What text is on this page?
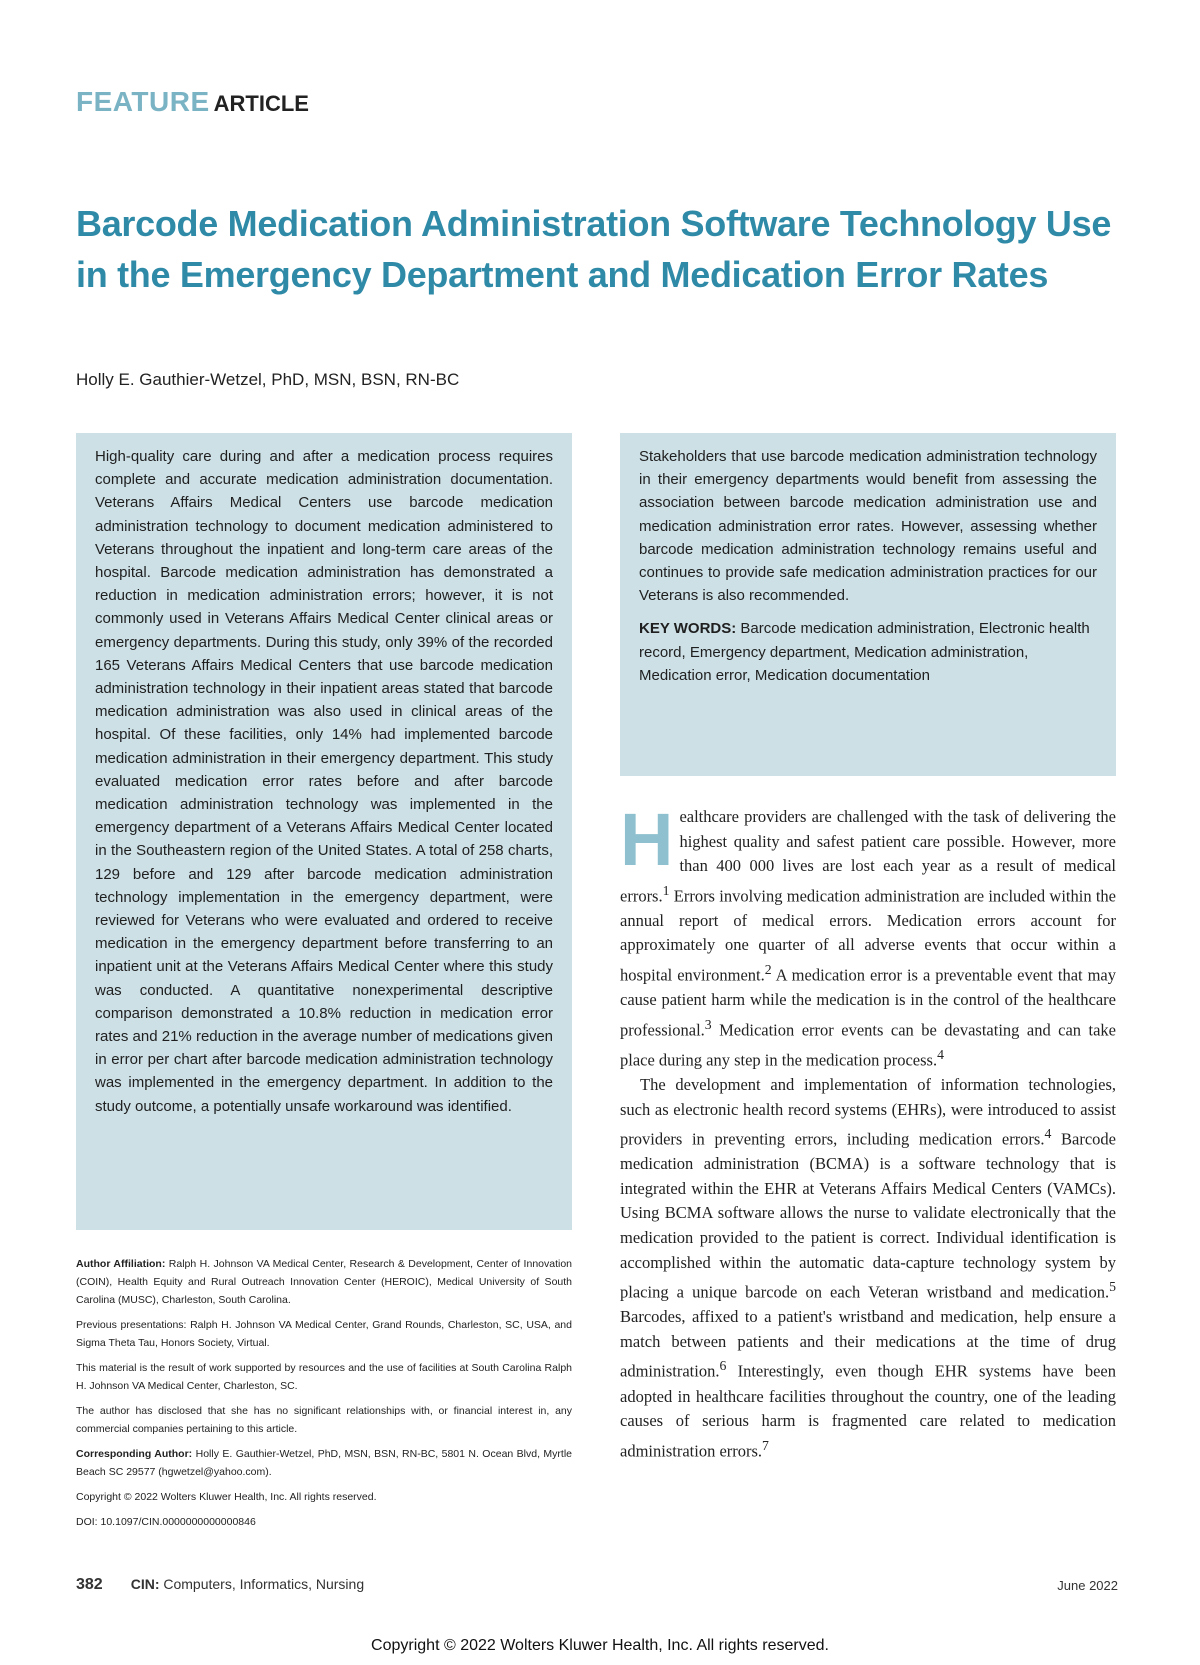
FEATURE ARTICLE
Barcode Medication Administration Software Technology Use in the Emergency Department and Medication Error Rates
Holly E. Gauthier-Wetzel, PhD, MSN, BSN, RN-BC
High-quality care during and after a medication process requires complete and accurate medication administration documentation. Veterans Affairs Medical Centers use barcode medication administration technology to document medication administered to Veterans throughout the inpatient and long-term care areas of the hospital. Barcode medication administration has demonstrated a reduction in medication administration errors; however, it is not commonly used in Veterans Affairs Medical Center clinical areas or emergency departments. During this study, only 39% of the recorded 165 Veterans Affairs Medical Centers that use barcode medication administration technology in their inpatient areas stated that barcode medication administration was also used in clinical areas of the hospital. Of these facilities, only 14% had implemented barcode medication administration in their emergency department. This study evaluated medication error rates before and after barcode medication administration technology was implemented in the emergency department of a Veterans Affairs Medical Center located in the Southeastern region of the United States. A total of 258 charts, 129 before and 129 after barcode medication administration technology implementation in the emergency department, were reviewed for Veterans who were evaluated and ordered to receive medication in the emergency department before transferring to an inpatient unit at the Veterans Affairs Medical Center where this study was conducted. A quantitative nonexperimental descriptive comparison demonstrated a 10.8% reduction in medication error rates and 21% reduction in the average number of medications given in error per chart after barcode medication administration technology was implemented in the emergency department. In addition to the study outcome, a potentially unsafe workaround was identified.
Stakeholders that use barcode medication administration technology in their emergency departments would benefit from assessing the association between barcode medication administration use and medication administration error rates. However, assessing whether barcode medication administration technology remains useful and continues to provide safe medication administration practices for our Veterans is also recommended.
KEY WORDS: Barcode medication administration, Electronic health record, Emergency department, Medication administration, Medication error, Medication documentation

Author Affiliation: Ralph H. Johnson VA Medical Center, Research & Development, Center of Innovation (COIN), Health Equity and Rural Outreach Innovation Center (HEROIC), Medical University of South Carolina (MUSC), Charleston, South Carolina.

Previous presentations: Ralph H. Johnson VA Medical Center, Grand Rounds, Charleston, SC, USA, and Sigma Theta Tau, Honors Society, Virtual.

This material is the result of work supported by resources and the use of facilities at South Carolina Ralph H. Johnson VA Medical Center, Charleston, SC.

The author has disclosed that she has no significant relationships with, or financial interest in, any commercial companies pertaining to this article.

Corresponding Author: Holly E. Gauthier-Wetzel, PhD, MSN, BSN, RN-BC, 5801 N. Ocean Blvd, Myrtle Beach SC 29577 (hgwetzel@yahoo.com).

Copyright © 2022 Wolters Kluwer Health, Inc. All rights reserved.

DOI: 10.1097/CIN.0000000000000846

Healthcare providers are challenged with the task of delivering the highest quality and safest patient care possible. However, more than 400 000 lives are lost each year as a result of medical errors.$^1$ Errors involving medication administration are included within the annual report of medical errors. Medication errors account for approximately one quarter of all adverse events that occur within a hospital environment.$^2$ A medication error is a preventable event that may cause patient harm while the medication is in the control of the healthcare professional.$^3$ Medication error events can be devastating and can take place during any step in the medication process.$^4$

The development and implementation of information technologies, such as electronic health record systems (EHRs), were introduced to assist providers in preventing errors, including medication errors.$^4$ Barcode medication administration (BCMA) is a software technology that is integrated within the EHR at Veterans Affairs Medical Centers (VAMCs). Using BCMA software allows the nurse to validate electronically that the medication provided to the patient is correct. Individual identification is accomplished within the automatic data-capture technology system by placing a unique barcode on each Veteran wristband and medication.$^5$ Barcodes, affixed to a patient's wristband and medication, help ensure a match between patients and their medications at the time of drug administration.$^6$ Interestingly, even though EHR systems have been adopted in healthcare facilities throughout the country, one of the leading causes of serious harm is fragmented care related to medication administration errors.$^7$

382 CIN: Computers, Informatics, Nursing	June 2022
Copyright © 2022 Wolters Kluwer Health, Inc. All rights reserved.
